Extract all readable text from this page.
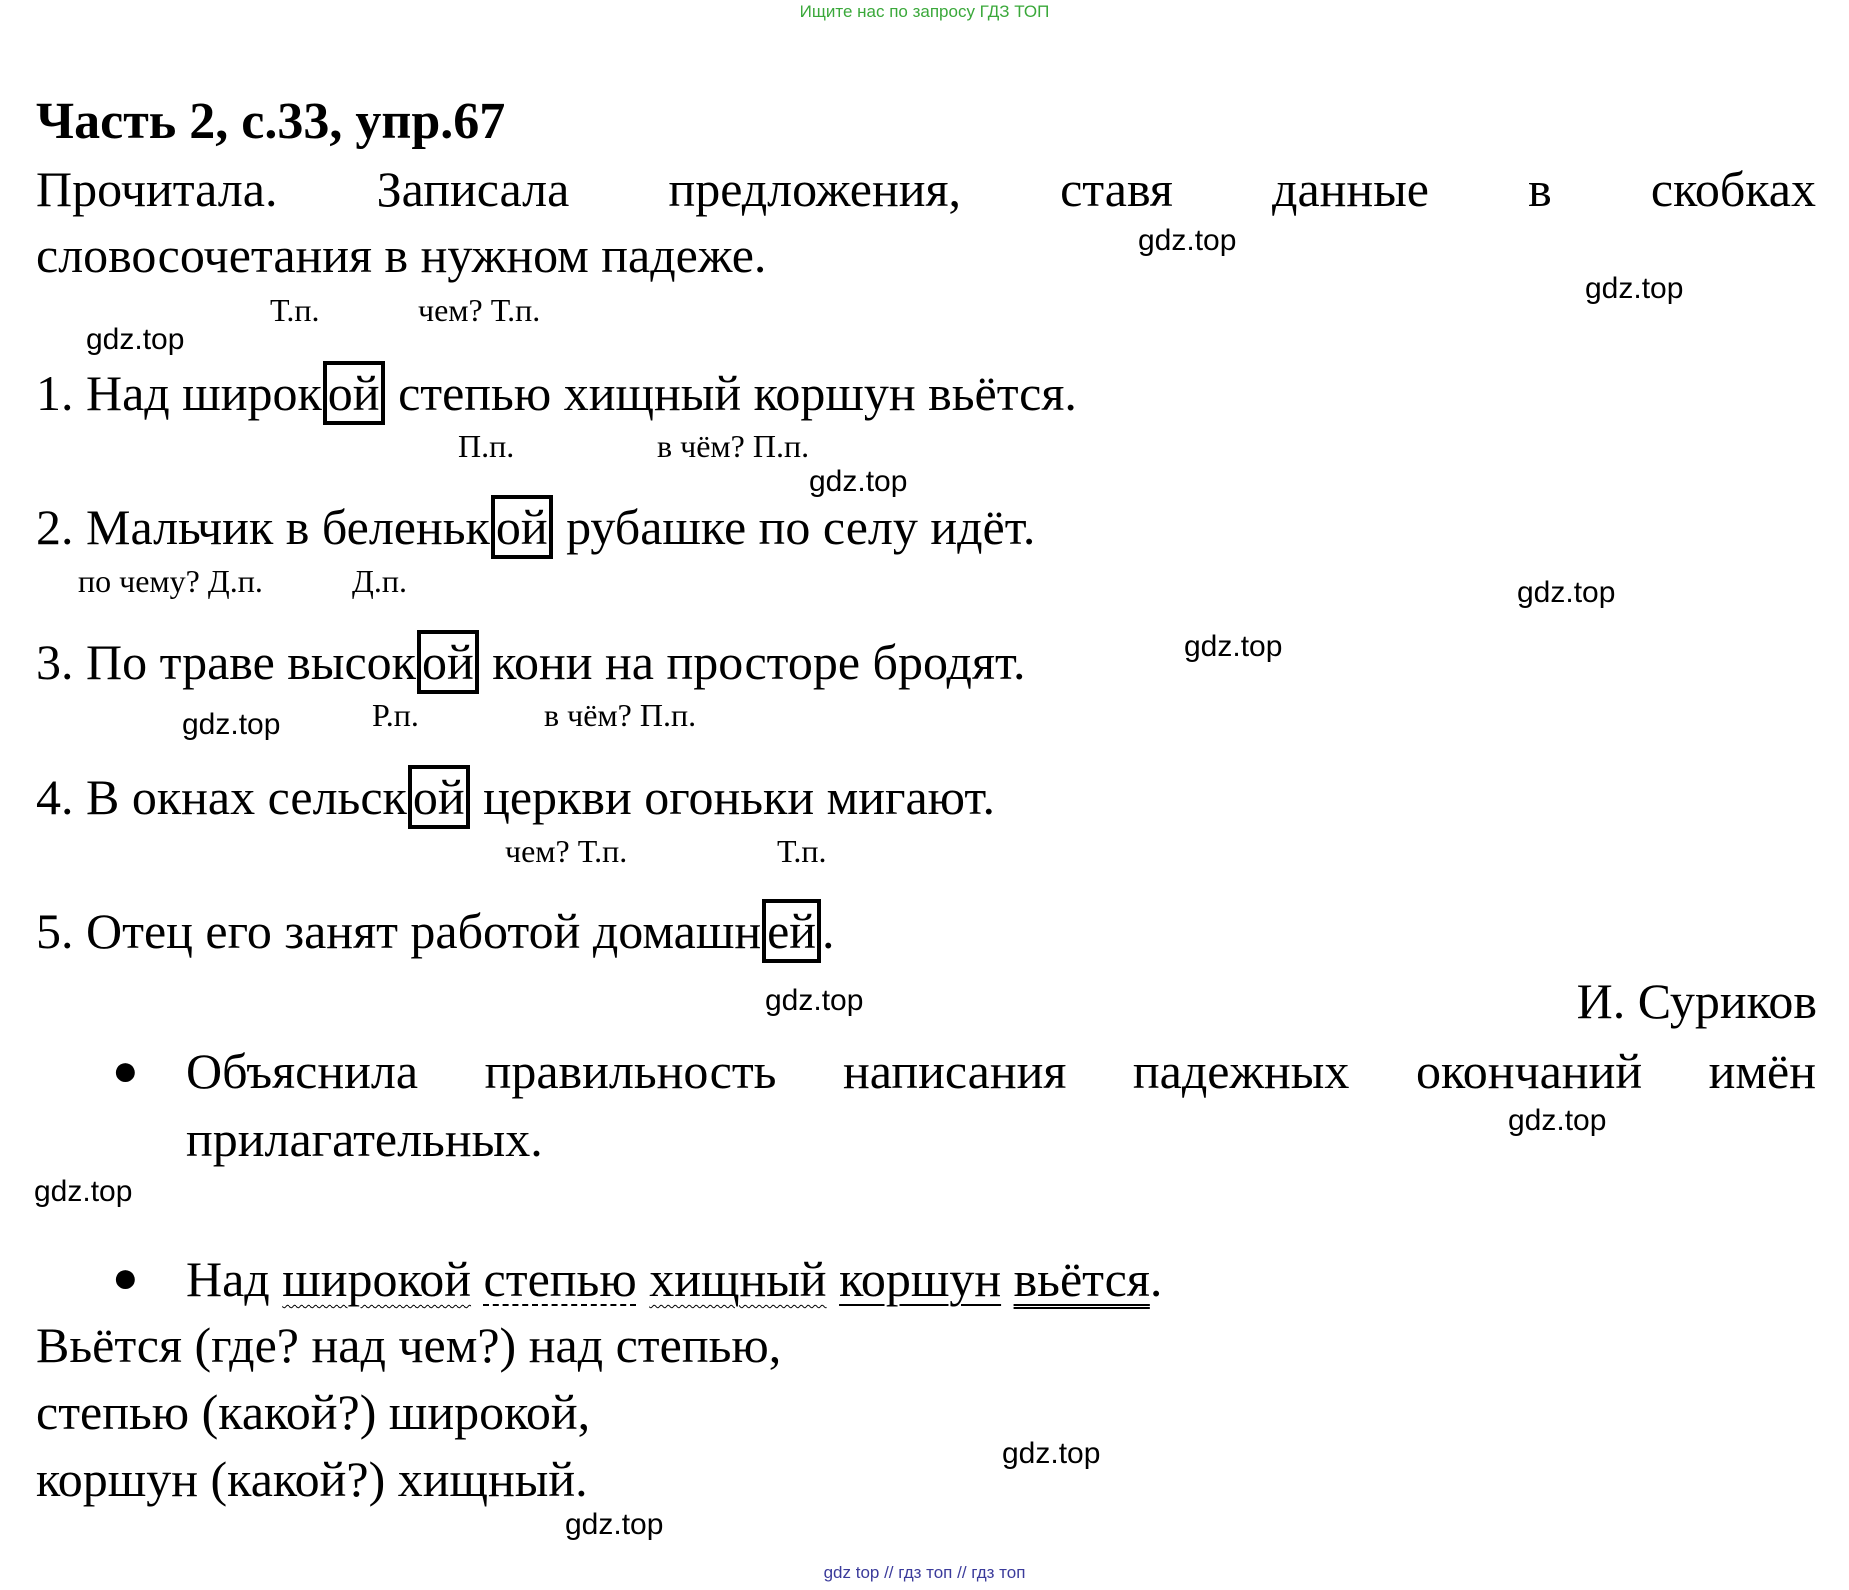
Ищите нас по запросу ГДЗ ТОП
Часть 2, с.33, упр.67
Прочитала. Записала предложения, ставя данные в скобках
словосочетания в нужном падеже.	gdz.top
gdz.top
gdz.top
gdz.top
gdz.top
gdz.top
gdz.top
gdz.top
gdz.top
gdz.top
gdz.top
gdz.top
Т.п.	чем? Т.п.
П.п.	в чём? П.п.
по чему? Д.п.	Д.п.
Р.п.	в чём? П.п.
чем? Т.п.	Т.п.
1. Над широк ой степью хищный коршун вьётся.
2. Мальчик в беленьк ой рубашке по селу идёт.
3. По траве высок ой кони на просторе бродят.
4. В окнах сельск ой церкви огоньки мигают.
5. Отец его занят работой домашн ей .
И. Суриков
● Объяснила правильность написания падежных окончаний имён
прилагательных.
● Над широкой степью хищный коршун вьётся.
Вьётся (где? над чем?) над степью,
степью (какой?) широкой,
коршун (какой?) хищный.
gdz top // гдз топ // гдз топ
